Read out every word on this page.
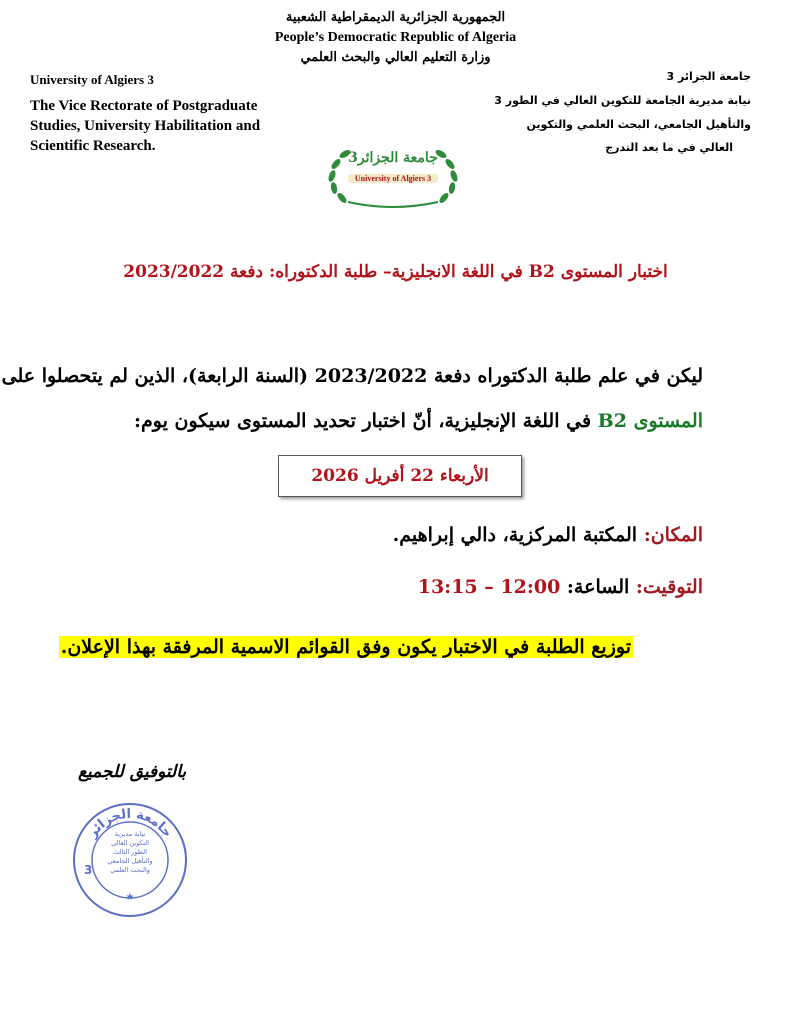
الجمهورية الجزائرية الديمقراطية الشعبية
People’s Democratic Republic of Algeria
وزارة التعليم العالي والبحث العلمي
University of Algiers 3
The Vice Rectorate of Postgraduate
Studies, University Habilitation and
Scientific Research.
جامعة الجزائر 3
نيابة مديرية الجامعة للتكوين العالي في الطور 3
والتأهيل الجامعي، البحث العلمي والتكوين
العالي في ما بعد التدرج
جامعة الجزائر3
University of Algiers 3
اختبار المستوى B2 في اللغة الانجليزية– طلبة الدكتوراه: دفعة 2023/2022
ليكن في علم طلبة الدكتوراه دفعة 2023/2022 (السنة الرابعة)، الذين لم يتحصلوا على
المستوى B2 في اللغة الإنجليزية، أنّ اختبار تحديد المستوى سيكون يوم:
الأربعاء 22 أفريل 2026
المكان: المكتبة المركزية، دالي إبراهيم.
التوقيت: الساعة: 13:15 – 12:00
توزيع الطلبة في الاختبار يكون وفق القوائم الاسمية المرفقة بهذا الإعلان.
بالتوفيق للجميع
جامعة الجزائر
3
★
نيابة مديرية
التكوين العالي
الطور الثالث
والتأهيل الجامعي
والبحث العلمي
